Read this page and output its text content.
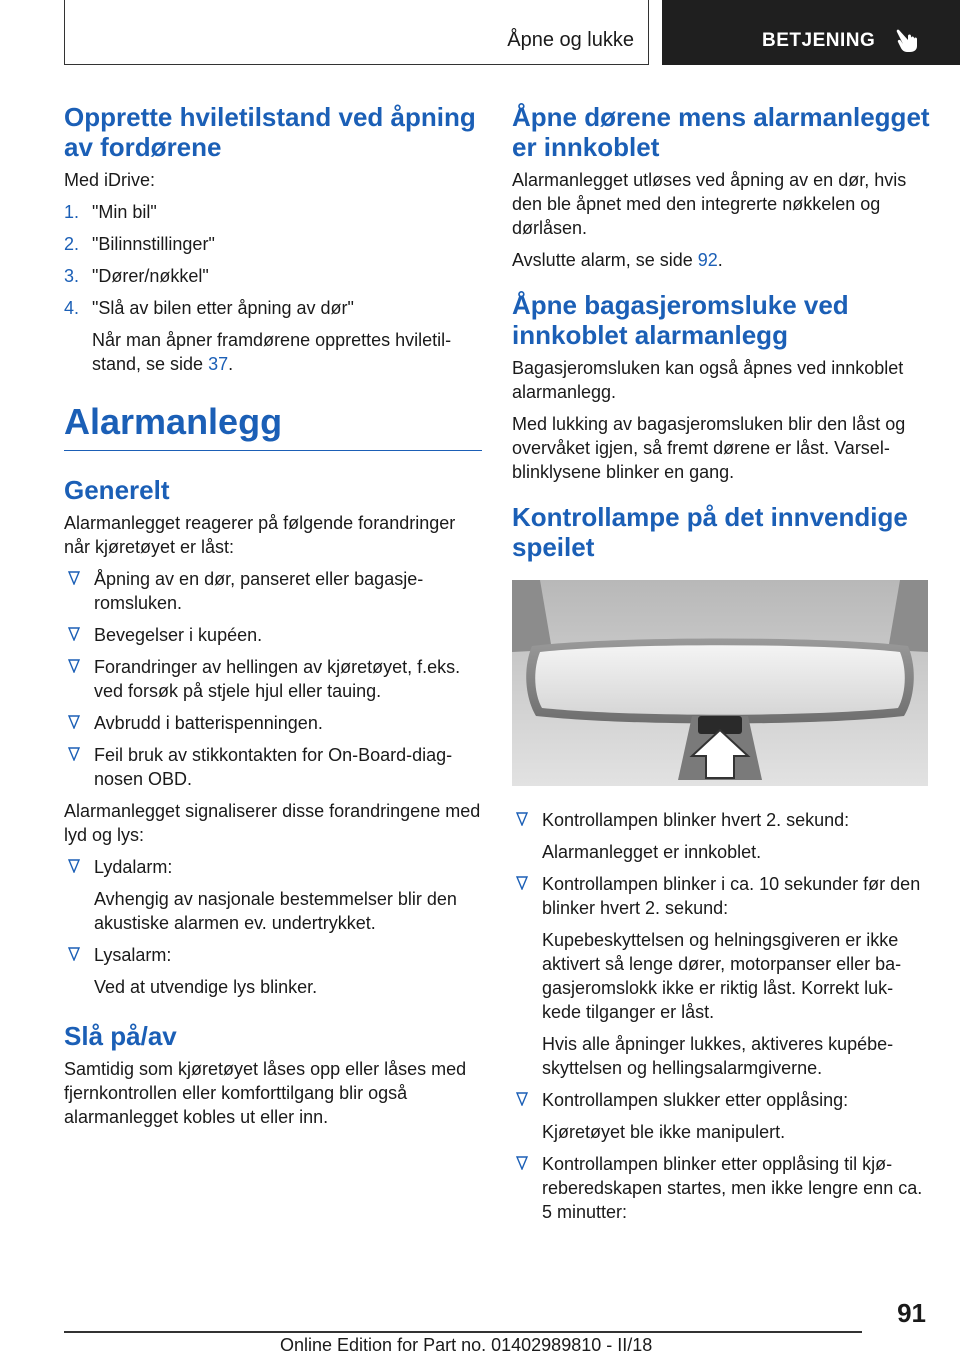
Åpne og lukke	BETJENING
Opprette hviletilstand ved åpning av fordørene
Med iDrive:
1. "Min bil"
2. "Bilinnstillinger"
3. "Dører/nøkkel"
4. "Slå av bilen etter åpning av dør"
Når man åpner framdørene opprettes hviletil-stand, se side 37.
Alarmanlegg
Generelt
Alarmanlegget reagerer på følgende forandringer når kjøretøyet er låst:
Åpning av en dør, panseret eller bagasje-romsluken.
Bevegelser i kupéen.
Forandringer av hellingen av kjøretøyet, f.eks. ved forsøk på stjele hjul eller tauing.
Avbrudd i batterispenningen.
Feil bruk av stikkontakten for On-Board-diag-nosen OBD.
Alarmanlegget signaliserer disse forandringene med lyd og lys:
Lydalarm:
Avhengig av nasjonale bestemmelser blir den akustiske alarmen ev. undertrykket.
Lysalarm:
Ved at utvendige lys blinker.
Slå på/av
Samtidig som kjøretøyet låses opp eller låses med fjernkontrollen eller komforttilgang blir også alarmanlegget kobles ut eller inn.
Åpne dørene mens alarmanlegget er innkoblet
Alarmanlegget utløses ved åpning av en dør, hvis den ble åpnet med den integrerte nøkkelen og dørlåsen.
Avslutte alarm, se side 92.
Åpne bagasjeromsluke ved innkoblet alarmanlegg
Bagasjeromsluken kan også åpnes ved innkoblet alarmanlegg.
Med lukking av bagasjeromsluken blir den låst og overvåket igjen, så fremt dørene er låst. Varsel-blinklysene blinker en gang.
Kontrollampe på det innvendige speilet
Kontrollampen blinker hvert 2. sekund:
Alarmanlegget er innkoblet.
Kontrollampen blinker i ca. 10 sekunder før den blinker hvert 2. sekund:
Kupebeskyttelsen og helningsgiveren er ikke aktivert så lenge dører, motorpanser eller ba-gasjeromslokk ikke er riktig låst. Korrekt luk-kede tilganger er låst.
Hvis alle åpninger lukkes, aktiveres kupébe-skyttelsen og hellingsalarmgiverne.
Kontrollampen slukker etter opplåsing:
Kjøretøyet ble ikke manipulert.
Kontrollampen blinker etter opplåsing til kjø-reberedskapen startes, men ikke lengre enn ca. 5 minutter:
91
Online Edition for Part no. 01402989810 - II/18
